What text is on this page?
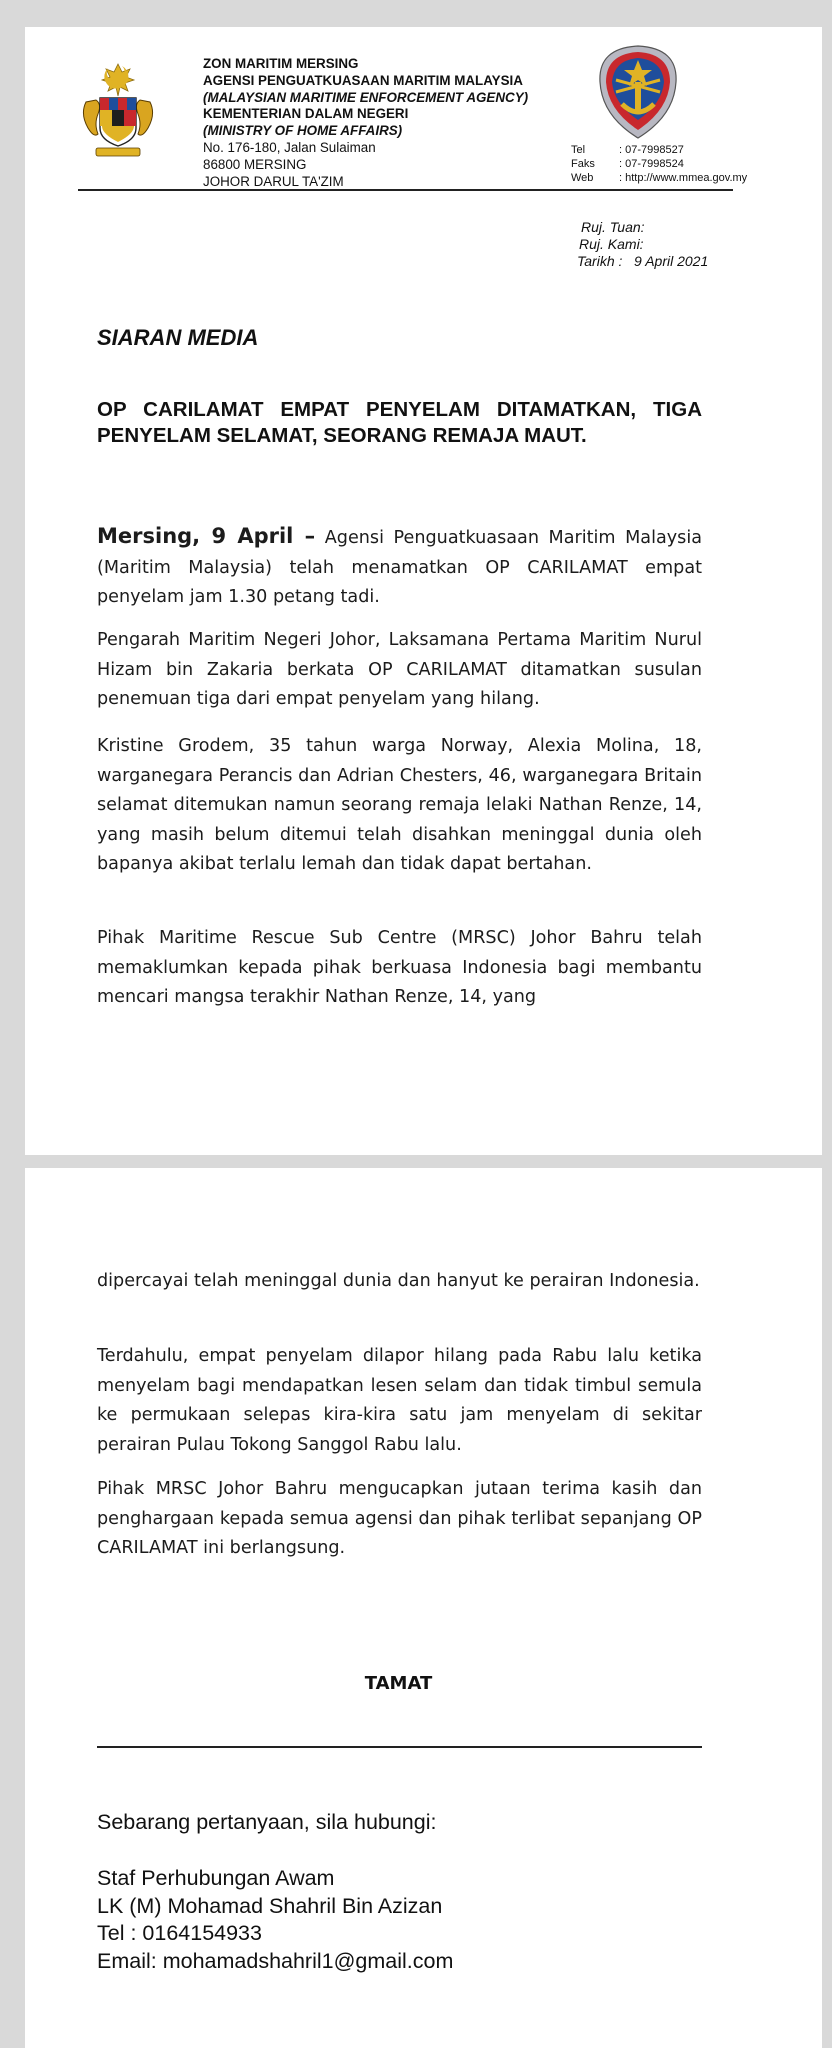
ZON MARITIM MERSING
AGENSI PENGUATKUASAAN MARITIM MALAYSIA
(MALAYSIAN MARITIME ENFORCEMENT AGENCY)
KEMENTERIAN DALAM NEGERI
(MINISTRY OF HOME AFFAIRS)
No. 176-180, Jalan Sulaiman
86800 MERSING
JOHOR DARUL TA'ZIM
Tel	: 07-7998527
Faks	: 07-7998524
Web	: http://www.mmea.gov.my
Ruj. Tuan:
Ruj. Kami:
Tarikh :   9 April 2021
SIARAN MEDIA
OP CARILAMAT EMPAT PENYELAM DITAMATKAN, TIGA PENYELAM SELAMAT, SEORANG REMAJA MAUT.

Mersing, 9 April – Agensi Penguatkuasaan Maritim Malaysia (Maritim Malaysia) telah menamatkan OP CARILAMAT empat penyelam jam 1.30 petang tadi.

Pengarah Maritim Negeri Johor, Laksamana Pertama Maritim Nurul Hizam bin Zakaria berkata OP CARILAMAT ditamatkan susulan penemuan tiga dari empat penyelam yang hilang.

Kristine Grodem, 35 tahun warga Norway, Alexia Molina, 18, warganegara Perancis dan Adrian Chesters, 46, warganegara Britain selamat ditemukan namun seorang remaja lelaki Nathan Renze, 14, yang masih belum ditemui telah disahkan meninggal dunia oleh bapanya akibat terlalu lemah dan tidak dapat bertahan.

Pihak Maritime Rescue Sub Centre (MRSC) Johor Bahru telah memaklumkan kepada pihak berkuasa Indonesia bagi membantu mencari mangsa terakhir Nathan Renze, 14, yang

dipercayai telah meninggal dunia dan hanyut ke perairan Indonesia.

Terdahulu, empat penyelam dilapor hilang pada Rabu lalu ketika menyelam bagi mendapatkan lesen selam dan tidak timbul semula ke permukaan selepas kira-kira satu jam menyelam di sekitar perairan Pulau Tokong Sanggol Rabu lalu.

Pihak MRSC Johor Bahru mengucapkan jutaan terima kasih dan penghargaan kepada semua agensi dan pihak terlibat sepanjang OP CARILAMAT ini berlangsung.

TAMAT
Sebarang pertanyaan, sila hubungi:
Staf Perhubungan Awam
LK (M) Mohamad Shahril Bin Azizan
Tel : 0164154933
Email: mohamadshahril1@gmail.com
